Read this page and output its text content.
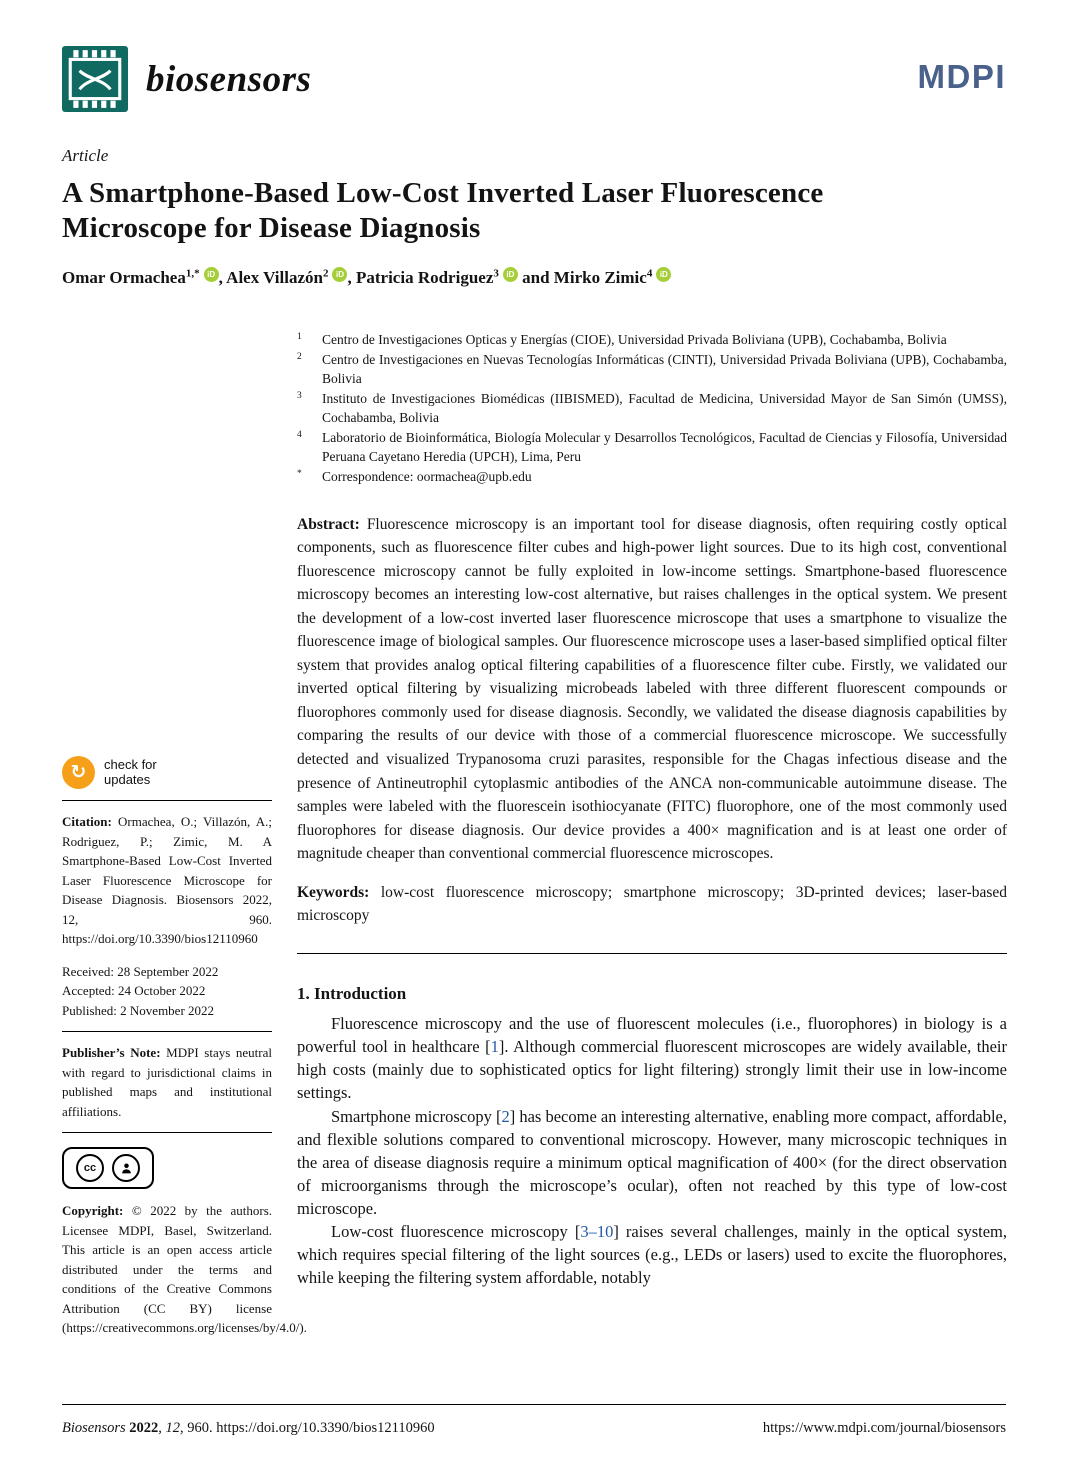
biosensors	MDPI
Article
A Smartphone-Based Low-Cost Inverted Laser Fluorescence Microscope for Disease Diagnosis
Omar Ormachea$^{1,*}$ iD , Alex Villazón$^2$ iD , Patricia Rodriguez$^3$ iD and Mirko Zimic$^4$ iD
1	Centro de Investigaciones Opticas y Energías (CIOE), Universidad Privada Boliviana (UPB), Cochabamba, Bolivia
2	Centro de Investigaciones en Nuevas Tecnologías Informáticas (CINTI), Universidad Privada Boliviana (UPB), Cochabamba, Bolivia
3	Instituto de Investigaciones Biomédicas (IIBISMED), Facultad de Medicina, Universidad Mayor de San Simón (UMSS), Cochabamba, Bolivia
4	Laboratorio de Bioinformática, Biología Molecular y Desarrollos Tecnológicos, Facultad de Ciencias y Filosofía, Universidad Peruana Cayetano Heredia (UPCH), Lima, Peru
*	Correspondence: oormachea@upb.edu

Abstract: Fluorescence microscopy is an important tool for disease diagnosis, often requiring costly optical components, such as fluorescence filter cubes and high-power light sources. Due to its high cost, conventional fluorescence microscopy cannot be fully exploited in low-income settings. Smartphone-based fluorescence microscopy becomes an interesting low-cost alternative, but raises challenges in the optical system. We present the development of a low-cost inverted laser fluorescence microscope that uses a smartphone to visualize the fluorescence image of biological samples. Our fluorescence microscope uses a laser-based simplified optical filter system that provides analog optical filtering capabilities of a fluorescence filter cube. Firstly, we validated our inverted optical filtering by visualizing microbeads labeled with three different fluorescent compounds or fluorophores commonly used for disease diagnosis. Secondly, we validated the disease diagnosis capabilities by comparing the results of our device with those of a commercial fluorescence microscope. We successfully detected and visualized Trypanosoma cruzi parasites, responsible for the Chagas infectious disease and the presence of Antineutrophil cytoplasmic antibodies of the ANCA non-communicable autoimmune disease. The samples were labeled with the fluorescein isothiocyanate (FITC) fluorophore, one of the most commonly used fluorophores for disease diagnosis. Our device provides a 400× magnification and is at least one order of magnitude cheaper than conventional commercial fluorescence microscopes.

Keywords: low-cost fluorescence microscopy; smartphone microscopy; 3D-printed devices; laser-based microscopy

1. Introduction

Fluorescence microscopy and the use of fluorescent molecules (i.e., fluorophores) in biology is a powerful tool in healthcare [1]. Although commercial fluorescent microscopes are widely available, their high costs (mainly due to sophisticated optics for light filtering) strongly limit their use in low-income settings.

Smartphone microscopy [2] has become an interesting alternative, enabling more compact, affordable, and flexible solutions compared to conventional microscopy. However, many microscopic techniques in the area of disease diagnosis require a minimum optical magnification of 400× (for the direct observation of microorganisms through the microscope’s ocular), often not reached by this type of low-cost microscope.

Low-cost fluorescence microscopy [3–10] raises several challenges, mainly in the optical system, which requires special filtering of the light sources (e.g., LEDs or lasers) used to excite the fluorophores, while keeping the filtering system affordable, notably

↻ check for
updates

Citation: Ormachea, O.; Villazón, A.; Rodriguez, P.; Zimic, M. A Smartphone-Based Low-Cost Inverted Laser Fluorescence Microscope for Disease Diagnosis. Biosensors 2022, 12, 960. https://doi.org/10.3390/bios12110960

Received: 28 September 2022
Accepted: 24 October 2022
Published: 2 November 2022

Publisher’s Note: MDPI stays neutral with regard to jurisdictional claims in published maps and institutional affiliations.

cc

Copyright: © 2022 by the authors. Licensee MDPI, Basel, Switzerland. This article is an open access article distributed under the terms and conditions of the Creative Commons Attribution (CC BY) license (https://creativecommons.org/licenses/by/4.0/).

Biosensors 2022, 12, 960. https://doi.org/10.3390/bios12110960	https://www.mdpi.com/journal/biosensors
